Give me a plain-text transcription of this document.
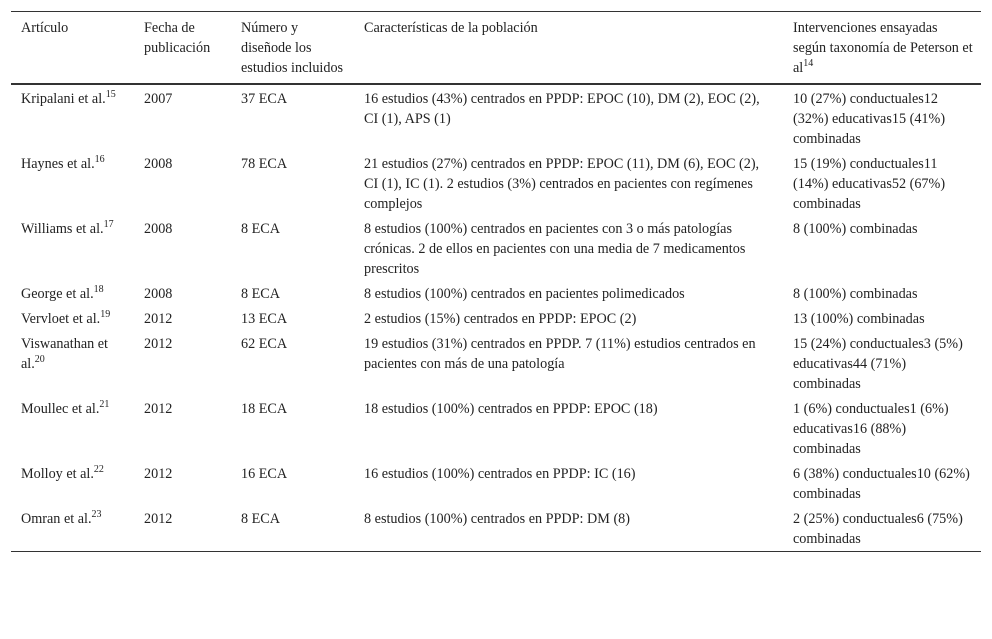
Artículo	Fecha de publicación	Número y diseñode los estudios incluidos	Características de la población	Intervenciones ensayadas según taxonomía de Peterson et $al^{14}$
Kripalani et al.$^{15}$	2007	37 ECA	16 estudios (43%) centrados en PPDP: EPOC (10), DM (2), EOC (2), CI (1), APS (1)	10 (27%) conductuales12 (32%) educativas15 (41%) combinadas
Haynes et al.$^{16}$	2008	78 ECA	21 estudios (27%) centrados en PPDP: EPOC (11), DM (6), EOC (2), CI (1), IC (1). 2 estudios (3%) centrados en pacientes con regímenes complejos	15 (19%) conductuales11 (14%) educativas52 (67%) combinadas
Williams et al.$^{17}$	2008	8 ECA	8 estudios (100%) centrados en pacientes con 3 o más patologías crónicas. 2 de ellos en pacientes con una media de 7 medicamentos prescritos	8 (100%) combinadas
George et al.$^{18}$	2008	8 ECA	8 estudios (100%) centrados en pacientes polimedicados	8 (100%) combinadas
Vervloet et al.$^{19}$	2012	13 ECA	2 estudios (15%) centrados en PPDP: EPOC (2)	13 (100%) combinadas
Viswanathan et al.$^{20}$	2012	62 ECA	19 estudios (31%) centrados en PPDP. 7 (11%) estudios centrados en pacientes con más de una patología	15 (24%) conductuales3 (5%) educativas44 (71%) combinadas
Moullec et al.$^{21}$	2012	18 ECA	18 estudios (100%) centrados en PPDP: EPOC (18)	1 (6%) conductuales1 (6%) educativas16 (88%) combinadas
Molloy et al.$^{22}$	2012	16 ECA	16 estudios (100%) centrados en PPDP: IC (16)	6 (38%) conductuales10 (62%) combinadas
Omran et al.$^{23}$	2012	8 ECA	8 estudios (100%) centrados en PPDP: DM (8)	2 (25%) conductuales6 (75%) combinadas
